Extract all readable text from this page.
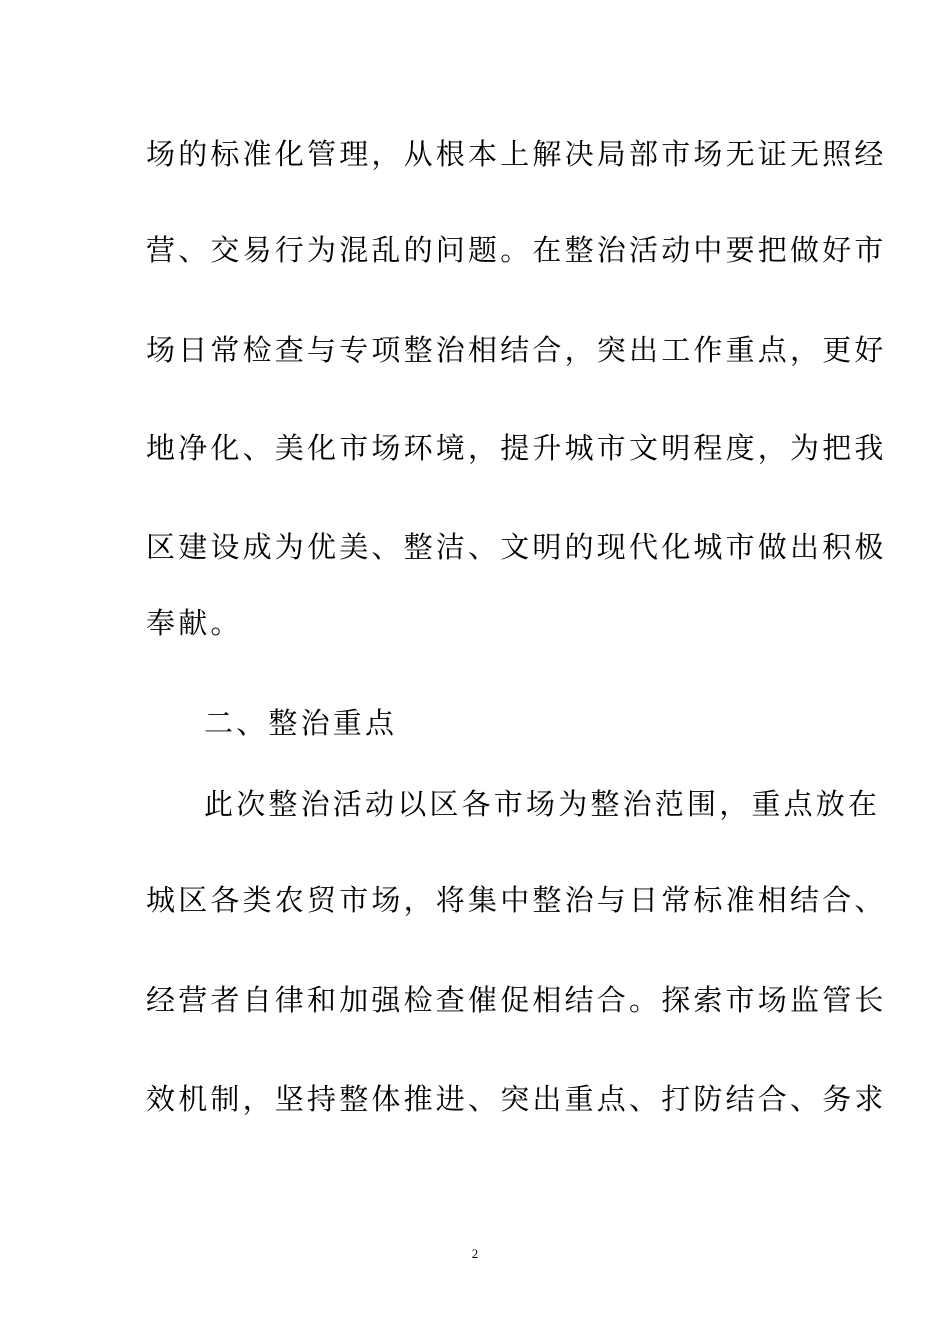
场的标准化管理，从根本上解决局部市场无证无照经
营、交易行为混乱的问题。在整治活动中要把做好市
场日常检查与专项整治相结合，突出工作重点，更好
地净化、美化市场环境，提升城市文明程度，为把我
区建设成为优美、整洁、文明的现代化城市做出积极
奉献。
二、整治重点
此次整治活动以区各市场为整治范围，重点放在
城区各类农贸市场，将集中整治与日常标准相结合、
经营者自律和加强检查催促相结合。探索市场监管长
效机制，坚持整体推进、突出重点、打防结合、务求
2
